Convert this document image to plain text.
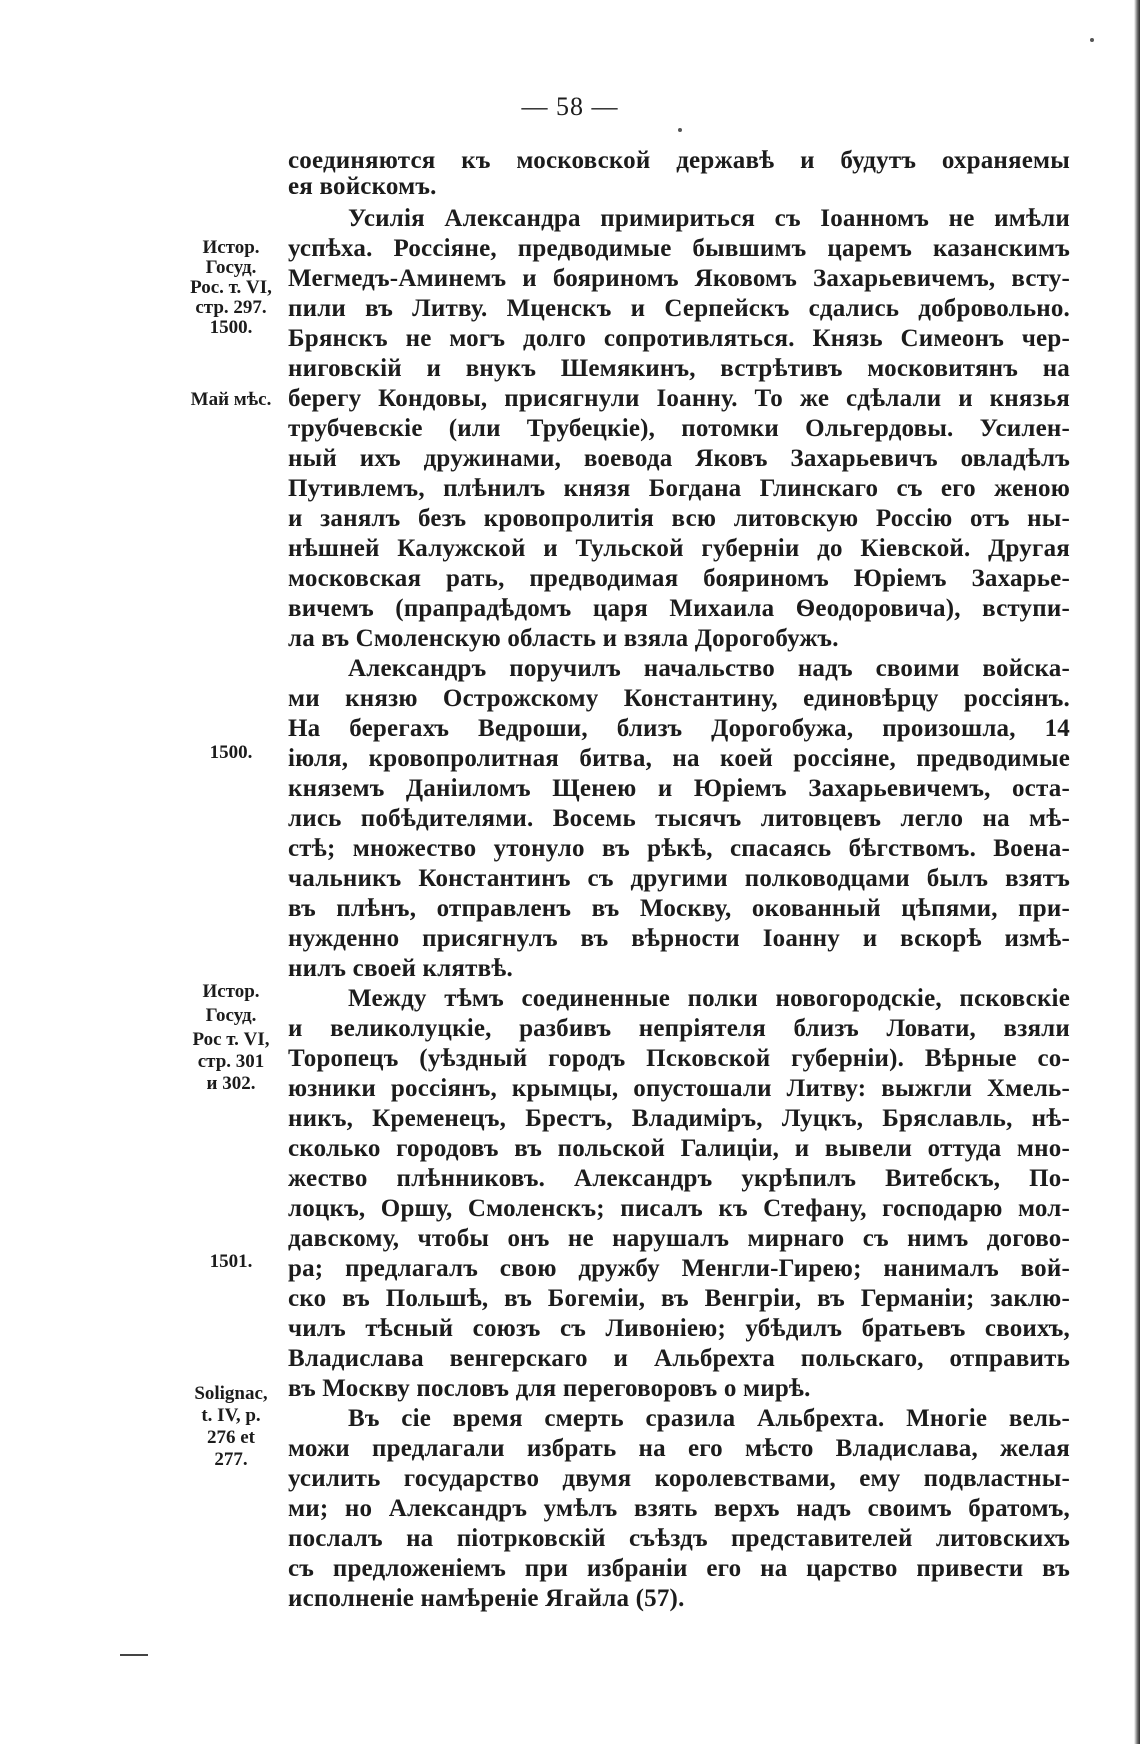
— 58 —
Истор.
Госуд.
Рос. т. VI,
стр. 297.
1500.
Май мѣс.
1500.
Истор.
Госуд.
Рос т. VI,
стр. 301
и 302.
1501.
Solignac,
t. IV, p.
276 et
277.
соединяются къ московской державѣ и будутъ охраняемы
ея войскомъ.
Усилія Александра примириться съ Іоанномъ не имѣли
успѣха. Россіяне, предводимые бывшимъ царемъ казанскимъ
Мегмедъ-Аминемъ и бояриномъ Яковомъ Захарьевичемъ, всту-
пили въ Литву. Мценскъ и Серпейскъ сдались добровольно.
Брянскъ не могъ долго сопротивляться. Князь Симеонъ чер-
ниговскій и внукъ Шемякинъ, встрѣтивъ московитянъ на
берегу Кондовы, присягнули Іоанну. То же сдѣлали и князья
трубчевскіе (или Трубецкіе), потомки Ольгердовы. Усилен-
ный ихъ дружинами, воевода Яковъ Захарьевичъ овладѣлъ
Путивлемъ, плѣнилъ князя Богдана Глинскаго съ его женою
и занялъ безъ кровопролитія всю литовскую Россію отъ ны-
нѣшней Калужской и Тульской губерніи до Кіевской. Другая
московская рать, предводимая бояриномъ Юріемъ Захарье-
вичемъ (прапрадѣдомъ царя Михаила Ѳеодоровича), вступи-
ла въ Смоленскую область и взяла Дорогобужъ.
Александръ поручилъ начальство надъ своими войска-
ми князю Острожскому Константину, единовѣрцу россіянъ.
На берегахъ Ведроши, близъ Дорогобужа, произошла, 14
іюля, кровопролитная битва, на коей россіяне, предводимые
княземъ Даніиломъ Щенею и Юріемъ Захарьевичемъ, оста-
лись побѣдителями. Восемь тысячъ литовцевъ легло на мѣ-
стѣ; множество утонуло въ рѣкѣ, спасаясь бѣгствомъ. Военa-
чальникъ Константинъ съ другими полководцами былъ взятъ
въ плѣнъ, отправленъ въ Москву, окованный цѣпями, при-
нужденно присягнулъ въ вѣрности Іоанну и вскорѣ измѣ-
нилъ своей клятвѣ.
Между тѣмъ соединенные полки новогородскіе, псковскіе
и великолуцкіе, разбивъ непріятеля близъ Ловати, взяли
Торопецъ (уѣздный городъ Псковской губерніи). Вѣрные со-
юзники россіянъ, крымцы, опустошали Литву: выжгли Хмель-
никъ, Кременецъ, Брестъ, Владиміръ, Луцкъ, Бряславль, нѣ-
сколько городовъ въ польской Галиціи, и вывели оттуда мно-
жество плѣнниковъ. Александръ укрѣпилъ Витебскъ, По-
лоцкъ, Оршу, Смоленскъ; писалъ къ Стефану, господарю мол-
давскому, чтобы онъ не нарушалъ мирнаго съ нимъ догово-
ра; предлагалъ свою дружбу Менгли-Гирею; нанималъ вой-
ско въ Польшѣ, въ Богеміи, въ Венгріи, въ Германіи; заклю-
чилъ тѣсный союзъ съ Ливоніею; убѣдилъ братьевъ своихъ,
Владислава венгерскаго и Альбрехта польскаго, отправить
въ Москву пословъ для переговоровъ о мирѣ.
Въ сіе время смерть сразила Альбрехта. Многіе вель-
можи предлагали избрать на его мѣсто Владислава, желая
усилить государство двумя королевствами, ему подвластны-
ми; но Александръ умѣлъ взять верхъ надъ своимъ братомъ,
послалъ на піотрковскій съѣздъ представителей литовскихъ
съ предложеніемъ при избраніи его на царство привести въ
исполненіе намѣреніе Ягайла (57).
